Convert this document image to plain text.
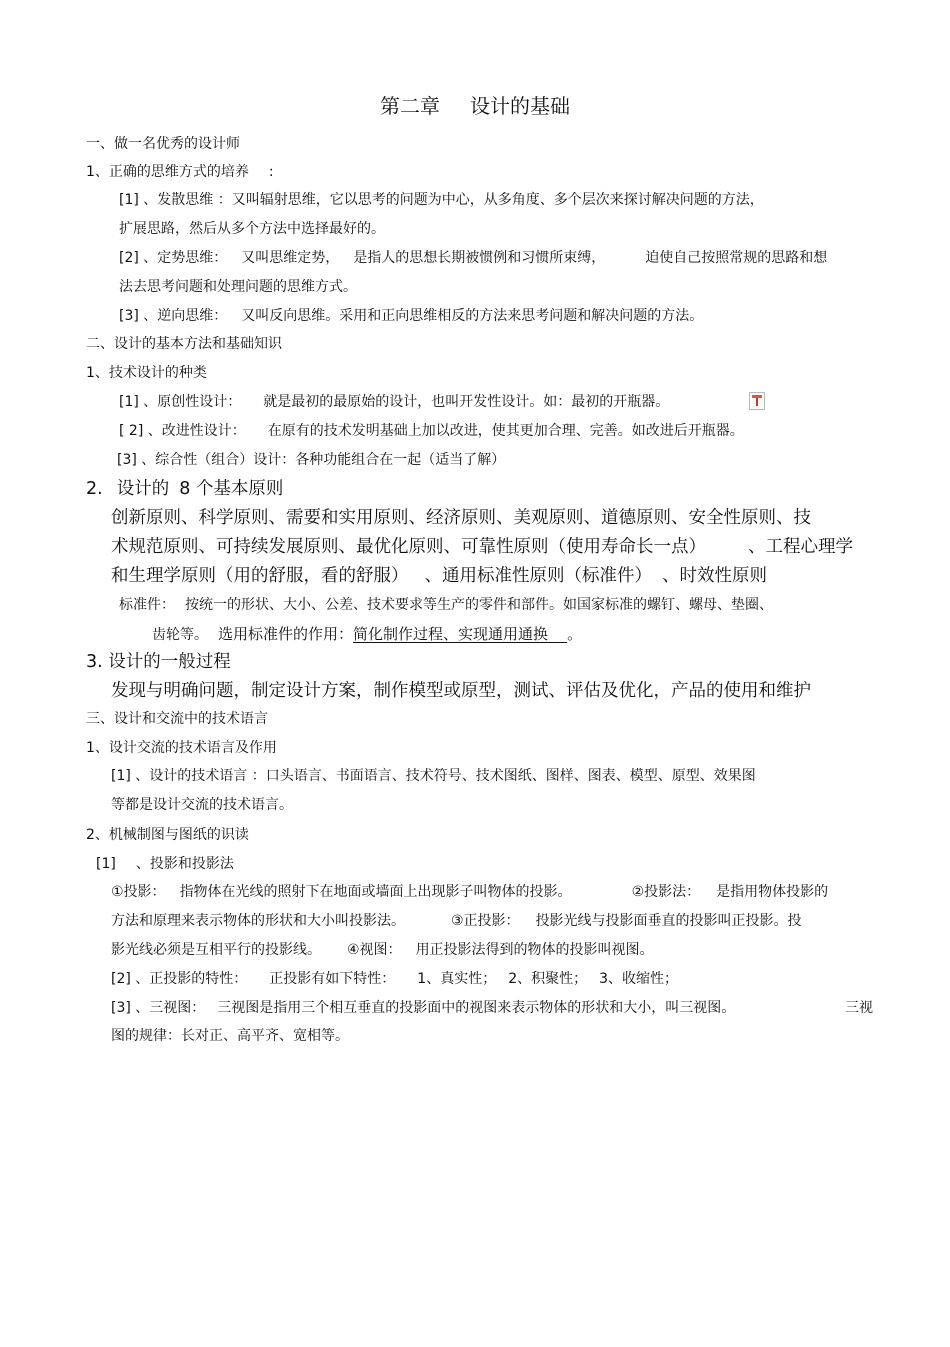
第二章 设计的基础
一、做一名优秀的设计师
1、正确的思维方式的培养 :
[1] 、发散思维 ：又叫辐射思维，它以思考的问题为中心，从多角度、多个层次来探讨解决问题的方法，
扩展思路，然后从多个方法中选择最好的。
[2] 、定势思维： 又叫思维定势， 是指人的思想长期被惯例和习惯所束缚，	迫使自己按照常规的思路和想
法去思考问题和处理问题的思维方式。
[3] 、逆向思维： 又叫反向思维。采用和正向思维相反的方法来思考问题和解决问题的方法。
二、设计的基本方法和基础知识
1、技术设计的种类
[1] 、原创性设计： 就是最初的最原始的设计，也叫开发性设计。如：最初的开瓶器。
[ 2] 、改进性设计： 在原有的技术发明基础上加以改进，使其更加合理、完善。如改进后开瓶器。
[3] 、综合性（组合）设计：各种功能组合在一起（适当了解）
2. 设计的 8 个基本原则
创新原则、科学原则、需要和实用原则、经济原则、美观原则、道德原则、安全性原则、技
术规范原则、可持续发展原则、最优化原则、可靠性原则（使用寿命长一点） 、工程心理学
和生理学原则（用的舒服，看的舒服） 、通用标准性原则（标准件） 、时效性原则
标准件： 按统一的形状、大小、公差、技术要求等生产的零件和部件。如国家标准的螺钉、螺母、垫圈、
齿轮等。 选用标准件的作用：简化制作过程、实现通用通换 。
3. 设计的一般过程
发现与明确问题，制定设计方案，制作模型或原型，测试、评估及优化，产品的使用和维护
三、设计和交流中的技术语言
1、设计交流的技术语言及作用
[1] 、设计的技术语言 ：口头语言、书面语言、技术符号、技术图纸、图样、图表、模型、原型、效果图
等都是设计交流的技术语言。
2、机械制图与图纸的识读
[1] 、投影和投影法
①投影： 指物体在光线的照射下在地面或墙面上出现影子叫物体的投影。	②投影法： 是指用物体投影的
方法和原理来表示物体的形状和大小叫投影法。	③正投影： 投影光线与投影面垂直的投影叫正投影。投
影光线必须是互相平行的投影线。 ④视图： 用正投影法得到的物体的投影叫视图。
[2] 、正投影的特性： 正投影有如下特性： 1、真实性； 2、积聚性； 3、收缩性；
[3] 、三视图： 三视图是指用三个相互垂直的投影面中的视图来表示物体的形状和大小，叫三视图。	三视
图的规律：长对正、高平齐、宽相等。
